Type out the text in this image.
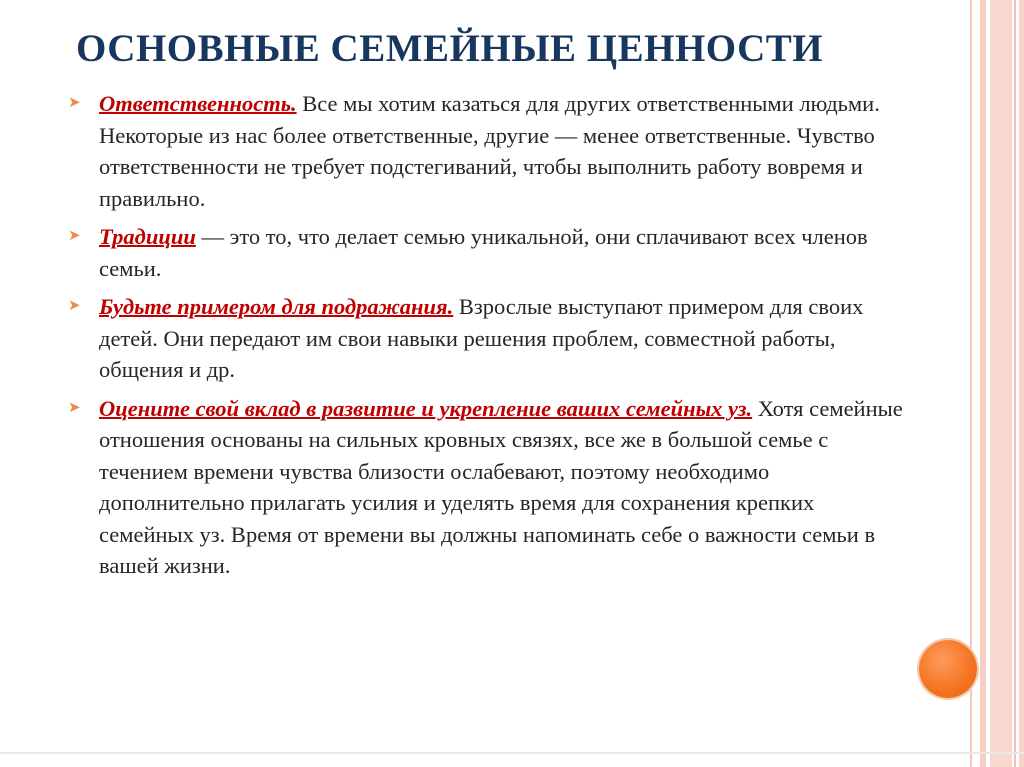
ОСНОВНЫЕ СЕМЕЙНЫЕ ЦЕННОСТИ
➤ Ответственность. Все мы хотим казаться для других ответственными людьми. Некоторые из нас более ответственные, другие — менее ответственные. Чувство ответственности не требует подстегиваний, чтобы выполнить работу вовремя и правильно.
➤ Традиции — это то, что делает семью уникальной, они сплачивают всех членов семьи.
➤ Будьте примером для подражания. Взрослые выступают примером для своих детей. Они передают им свои навыки решения проблем, совместной работы, общения и др.
➤ Оцените свой вклад в развитие и укрепление ваших семейных уз. Хотя семейные отношения основаны на сильных кровных связях, все же в большой семье с течением времени чувства близости ослабевают, поэтому необходимо дополнительно прилагать усилия и уделять время для сохранения крепких семейных уз. Время от времени вы должны напоминать себе о важности семьи в вашей жизни.
